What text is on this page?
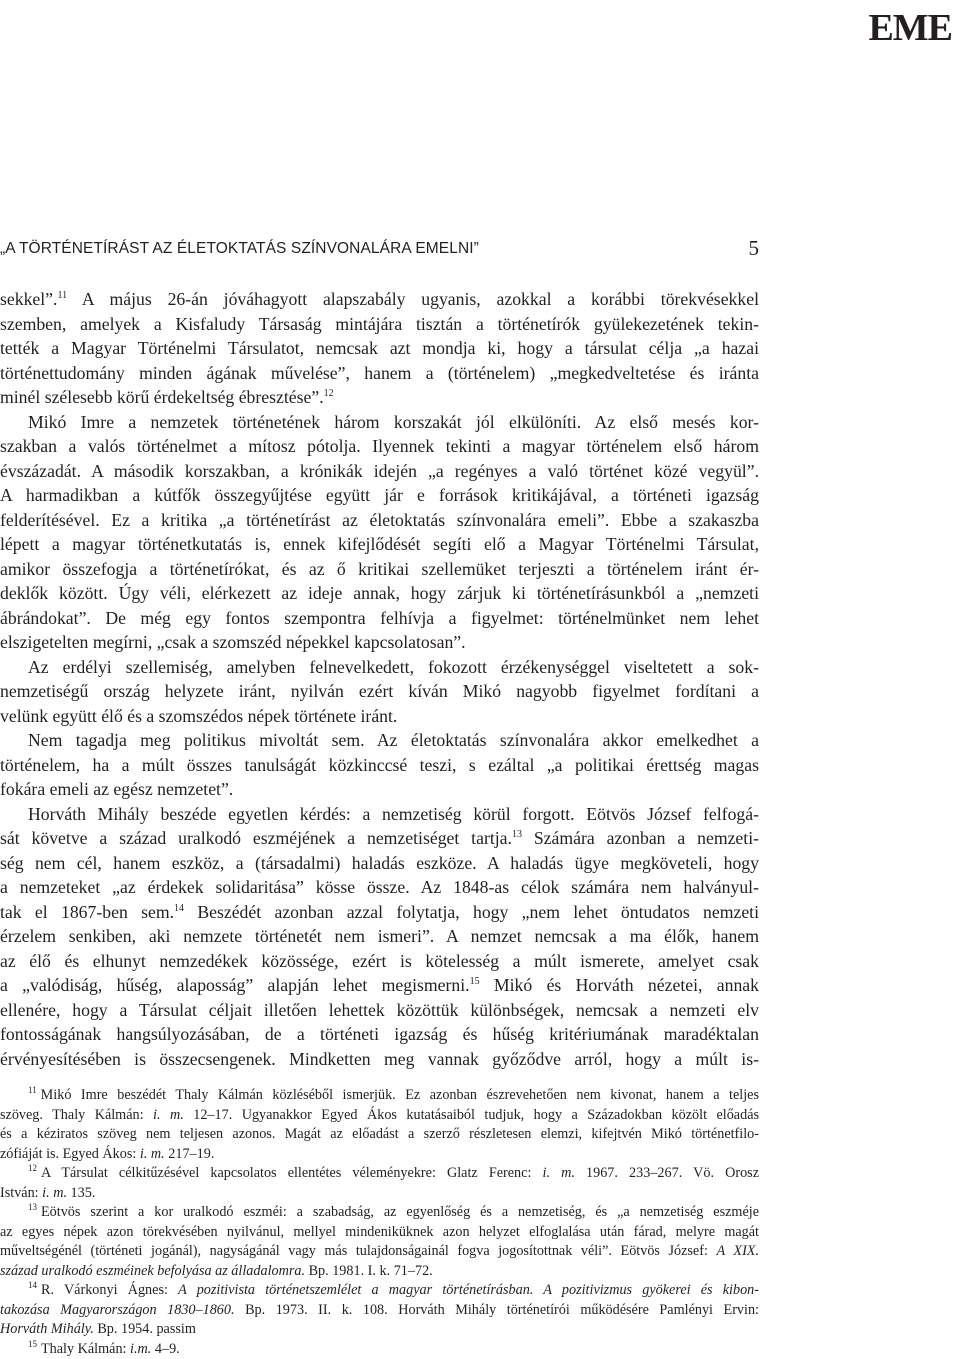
EME
„A TÖRTÉNETÍRÁST AZ ÉLETOKTATÁS SZÍNVONALÁRA EMELNI”	5

sekkel”.$^{11}$ A május 26-án jóváhagyott alapszabály ugyanis, azokkal a korábbi törekvésekkel
szemben, amelyek a Kisfaludy Társaság mintájára tisztán a történetírók gyülekezetének tekin-
tették a Magyar Történelmi Társulatot, nemcsak azt mondja ki, hogy a társulat célja „a hazai
történettudomány minden ágának művelése”, hanem a (történelem) „megkedveltetése és iránta
minél szélesebb körű érdekeltség ébresztése”.$^{12}$

Mikó Imre a nemzetek történetének három korszakát jól elkülöníti. Az első mesés kor-
szakban a valós történelmet a mítosz pótolja. Ilyennek tekinti a magyar történelem első három
évszázadát. A második korszakban, a krónikák idején „a regényes a való történet közé vegyül”.
A harmadikban a kútfők összegyűjtése együtt jár e források kritikájával, a történeti igazság
felderítésével. Ez a kritika „a történetírást az életoktatás színvonalára emeli”. Ebbe a szakaszba
lépett a magyar történetkutatás is, ennek kifejlődését segíti elő a Magyar Történelmi Társulat,
amikor összefogja a történetírókat, és az ő kritikai szellemüket terjeszti a történelem iránt ér-
deklők között. Úgy véli, elérkezett az ideje annak, hogy zárjuk ki történetírásunkból a „nemzeti
ábrándokat”. De még egy fontos szempontra felhívja a figyelmet: történelmünket nem lehet
elszigetelten megírni, „csak a szomszéd népekkel kapcsolatosan”.

Az erdélyi szellemiség, amelyben felnevelkedett, fokozott érzékenységgel viseltetett a sok-
nemzetiségű ország helyzete iránt, nyilván ezért kíván Mikó nagyobb figyelmet fordítani a
velünk együtt élő és a szomszédos népek története iránt.

Nem tagadja meg politikus mivoltát sem. Az életoktatás színvonalára akkor emelkedhet a
történelem, ha a múlt összes tanulságát közkinccsé teszi, s ezáltal „a politikai érettség magas
fokára emeli az egész nemzetet”.

Horváth Mihály beszéde egyetlen kérdés: a nemzetiség körül forgott. Eötvös József felfogá-
sát követve a század uralkodó eszméjének a nemzetiséget tartja.$^{13}$ Számára azonban a nemzeti-
ség nem cél, hanem eszköz, a (társadalmi) haladás eszköze. A haladás ügye megköveteli, hogy
a nemzeteket „az érdekek solidaritása” kösse össze. Az 1848-as célok számára nem halványul-
tak el 1867-ben sem.$^{14}$ Beszédét azonban azzal folytatja, hogy „nem lehet öntudatos nemzeti
érzelem senkiben, aki nemzete történetét nem ismeri”. A nemzet nemcsak a ma élők, hanem
az élő és elhunyt nemzedékek közössége, ezért is kötelesség a múlt ismerete, amelyet csak
a „valódiság, hűség, alaposság” alapján lehet megismerni.$^{15}$ Mikó és Horváth nézetei, annak
ellenére, hogy a Társulat céljait illetően lehettek közöttük különbségek, nemcsak a nemzeti elv
fontosságának hangsúlyozásában, de a történeti igazság és hűség kritériumának maradéktalan
érvényesítésében is összecsengenek. Mindketten meg vannak győződve arról, hogy a múlt is-

$^{11}$ Mikó Imre beszédét Thaly Kálmán közléséből ismerjük. Ez azonban észrevehetően nem kivonat, hanem a teljes
szöveg. Thaly Kálmán: i. m. 12–17. Ugyanakkor Egyed Ákos kutatásaiból tudjuk, hogy a Századokban közölt előadás
és a kéziratos szöveg nem teljesen azonos. Magát az előadást a szerző részletesen elemzi, kifejtvén Mikó történetfilo-
zófiáját is. Egyed Ákos: i. m. 217–19.

$^{12}$ A Társulat célkitűzésével kapcsolatos ellentétes véleményekre: Glatz Ferenc: i. m. 1967. 233–267. Vö. Orosz
István: i. m. 135.

$^{13}$ Eötvös szerint a kor uralkodó eszméi: a szabadság, az egyenlőség és a nemzetiség, és „a nemzetiség eszméje
az egyes népek azon törekvésében nyilvánul, mellyel mindeniküknek azon helyzet elfoglalása után fárad, melyre magát
műveltségénél (történeti jogánál), nagyságánál vagy más tulajdonságainál fogva jogosítottnak véli”. Eötvös József: A XIX.
század uralkodó eszméinek befolyása az álladalomra. Bp. 1981. I. k. 71–72.

$^{14}$ R. Várkonyi Ágnes: A pozitivista történetszemlélet a magyar történetírásban. A pozitivizmus gyökerei és kibon-
takozása Magyarországon 1830–1860. Bp. 1973. II. k. 108. Horváth Mihály történetírói működésére Pamlényi Ervin:
Horváth Mihály. Bp. 1954. passim

$^{15}$ Thaly Kálmán: i.m. 4–9.
